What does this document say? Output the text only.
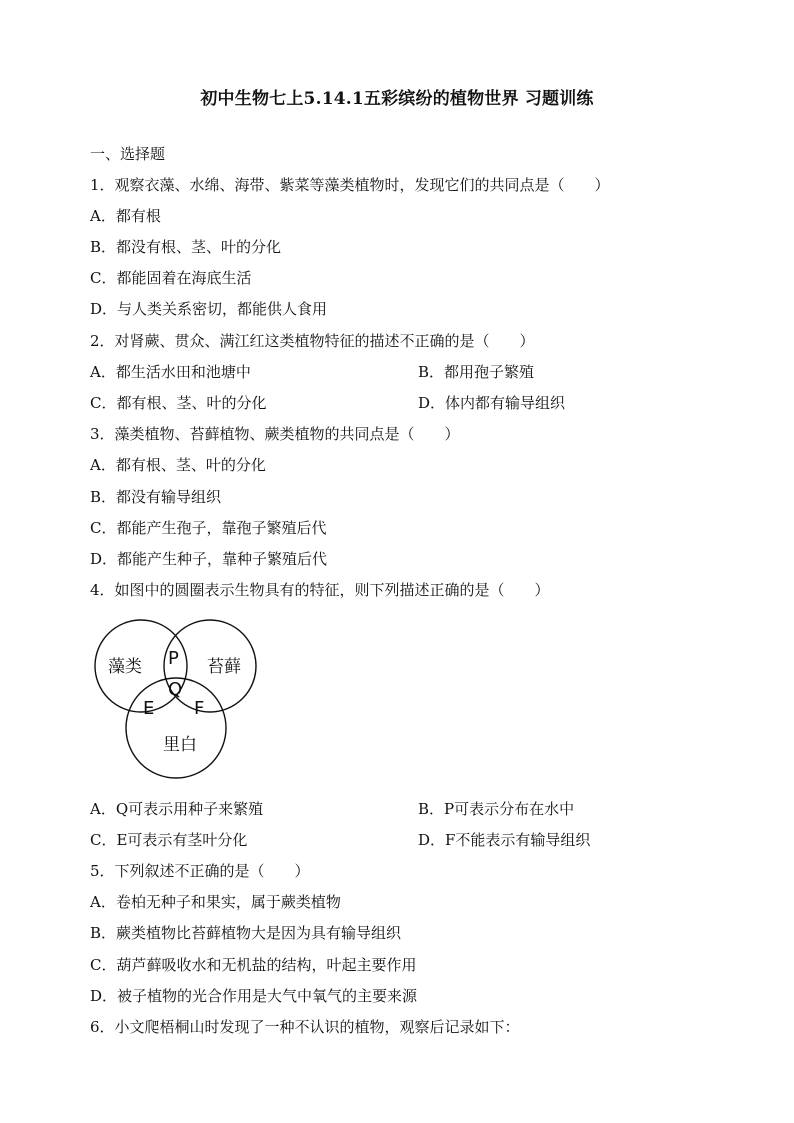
初中生物七上5.14.1五彩缤纷的植物世界 习题训练
一、选择题
1．观察衣藻、水绵、海带、紫菜等藻类植物时，发现它们的共同点是（　　）
A．都有根
B．都没有根、茎、叶的分化
C．都能固着在海底生活
D．与人类关系密切，都能供人食用
2．对肾蕨、贯众、满江红这类植物特征的描述不正确的是（　　）
A．都生活水田和池塘中	B．都用孢子繁殖
C．都有根、茎、叶的分化	D．体内都有输导组织
3．藻类植物、苔藓植物、蕨类植物的共同点是（　　）
A．都有根、茎、叶的分化
B．都没有输导组织
C．都能产生孢子，靠孢子繁殖后代
D．都能产生种子，靠种子繁殖后代
4．如图中的圆圈表示生物具有的特征，则下列描述正确的是（　　）
藻类	苔藓
里白
P
Q
E F
A．Q可表示用种子来繁殖	B．P可表示分布在水中
C．E可表示有茎叶分化	D．F不能表示有输导组织
5．下列叙述不正确的是（　　）
A．卷柏无种子和果实，属于蕨类植物
B．蕨类植物比苔藓植物大是因为具有输导组织
C．葫芦藓吸收水和无机盐的结构，叶起主要作用
D．被子植物的光合作用是大气中氧气的主要来源
6．小文爬梧桐山时发现了一种不认识的植物，观察后记录如下：
